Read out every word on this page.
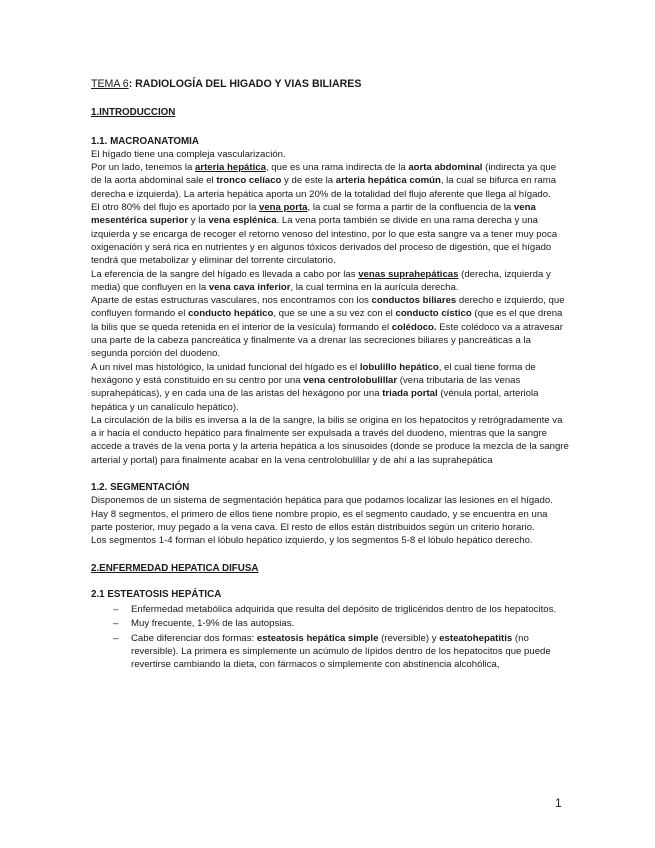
TEMA 6: RADIOLOGÍA DEL HIGADO Y VIAS BILIARES
1.INTRODUCCION
1.1. MACROANATOMIA

El hígado tiene una compleja vascularización.

Por un lado, tenemos la arteria hepática, que es una rama indirecta de la aorta abdominal (indirecta ya que de la aorta abdominal sale el tronco celíaco y de este la arteria hepática común, la cual se bifurca en rama derecha e izquierda). La arteria hepática aporta un 20% de la totalidad del flujo aferente que llega al hígado.

El otro 80% del flujo es aportado por la vena porta, la cual se forma a partir de la confluencia de la vena mesentérica superior y la vena esplénica. La vena porta también se divide en una rama derecha y una izquierda y se encarga de recoger el retorno venoso del intestino, por lo que esta sangre va a tener muy poca oxigenación y será rica en nutrientes y en algunos tóxicos derivados del proceso de digestión, que el hígado tendrá que metabolizar y eliminar del torrente circulatorio.

La eferencia de la sangre del hígado es llevada a cabo por las venas suprahepáticas (derecha, izquierda y media) que confluyen en la vena cava inferior, la cual termina en la aurícula derecha.

Aparte de estas estructuras vasculares, nos encontramos con los conductos biliares derecho e izquierdo, que confluyen formando el conducto hepático, que se une a su vez con el conducto cístico (que es el que drena la bilis que se queda retenida en el interior de la vesícula) formando el colédoco. Este colédoco va a atravesar una parte de la cabeza pancreática y finalmente va a drenar las secreciones biliares y pancreáticas a la segunda porción del duodeno.

A un nivel mas histológico, la unidad funcional del hígado es el lobulillo hepático, el cual tiene forma de hexágono y está constituido en su centro por una vena centrolobulillar (vena tributaria de las venas suprahepáticas), y en cada una de las aristas del hexágono por una triada portal (vénula portal, arteriola hepática y un canalículo hepático).

La circulación de la bilis es inversa a la de la sangre, la bilis se origina en los hepatocitos y retrógradamente va a ir hacia el conducto hepático para finalmente ser expulsada a través del duodeno, mientras que la sangre accede a través de la vena porta y la arteria hepática a los sinusoides (donde se produce la mezcla de la sangre arterial y portal) para finalmente acabar en la vena centrolobulillar y de ahí a las suprahepática

1.2. SEGMENTACIÓN

Disponemos de un sistema de segmentación hepática para que podamos localizar las lesiones en el hígado.

Hay 8 segmentos, el primero de ellos tiene nombre propio, es el segmento caudado, y se encuentra en una parte posterior, muy pegado a la vena cava. El resto de ellos están distribuidos según un criterio horario.

Los segmentos 1-4 forman el lóbulo hepático izquierdo, y los segmentos 5-8 el lóbulo hepático derecho.

2.ENFERMEDAD HEPATICA DIFUSA
2.1 ESTEATOSIS HEPÁTICA
– Enfermedad metabólica adquirida que resulta del depósito de triglicéridos dentro de los hepatocitos.
– Muy frecuente, 1-9% de las autopsias.
– Cabe diferenciar dos formas: esteatosis hepática simple (reversible) y esteatohepatitis (no reversible). La primera es simplemente un acúmulo de lípidos dentro de los hepatocitos que puede revertirse cambiando la dieta, con fármacos o simplemente con abstinencia alcohólica,
1
